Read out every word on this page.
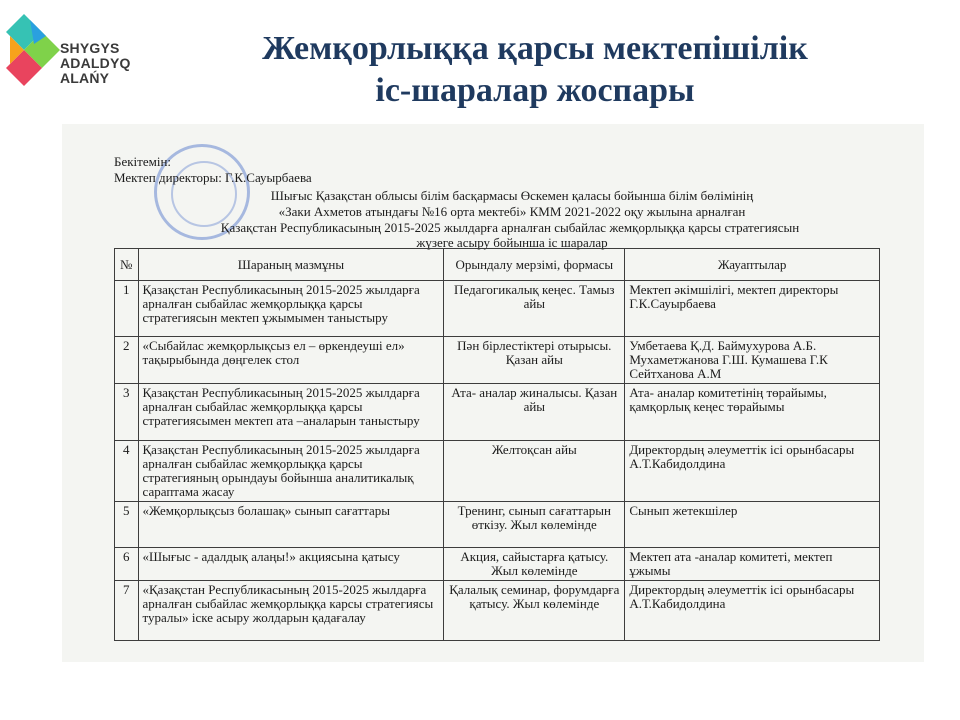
SHYGYS
ADALDYQ ALAŃY
Жемқорлыққа қарсы мектепішілік
іс-шаралар жоспары
Бекітемін:
Мектеп директоры: Г.К.Сауырбаева
Шығыс Қазақстан облысы білім басқармасы Өскемен қаласы бойынша білім бөлімінің
«Заки Ахметов атындағы №16 орта мектебі» КММ 2021-2022 оқу жылына арналған
Қазақстан Республикасының 2015-2025 жылдарға арналған сыбайлас жемқорлыққа қарсы стратегиясын
жүзеге асыру бойынша іс шаралар
№	Шараның мазмұны	Орындалу мерзімі, формасы	Жауаптылар
1	Қазақстан Республикасының 2015-2025 жылдарға арналған сыбайлас жемқорлыққа қарсы стратегиясын мектеп ұжымымен таныстыру	Педагогикалық кеңес. Тамыз айы	Мектеп әкімшілігі, мектеп директоры Г.К.Сауырбаева
2	«Сыбайлас жемқорлықсыз ел – өркендеуші ел» тақырыбында дөңгелек стол	Пән бірлестіктері отырысы. Қазан айы	Умбетаева Қ.Д. Баймухурова А.Б. Мухаметжанова Г.Ш. Кумашева Г.К Сейтханова А.М
3	Қазақстан Республикасының 2015-2025 жылдарға арналған сыбайлас жемқорлыққа қарсы стратегиясымен мектеп ата –аналарын таныстыру	Ата- аналар жиналысы. Қазан айы	Ата- аналар комитетінің төрайымы, қамқорлық кеңес төрайымы
4	Қазақстан Республикасының 2015-2025 жылдарға арналған сыбайлас жемқорлыққа қарсы стратегияның орындауы бойынша аналитикалық сараптама жасау	Желтоқсан айы	Директордың әлеуметтік ісі орынбасары А.Т.Кабидолдина
5	«Жемқорлықсыз болашақ» сынып сағаттары	Тренинг, сынып сағаттарын өткізу. Жыл көлемінде	Сынып жетекшілер
6	«Шығыс - адалдық алаңы!» акциясына қатысу	Акция, сайыстарға қатысу. Жыл көлемінде	Мектеп ата -аналар комитеті, мектеп ұжымы
7	«Қазақстан Республикасының 2015-2025 жылдарға арналған сыбайлас жемқорлыққа карсы стратегиясы туралы» іске асыру жолдарын қадағалау	Қалалық семинар, форумдарға қатысу. Жыл көлемінде	Директордың әлеуметтік ісі орынбасары А.Т.Кабидолдина
